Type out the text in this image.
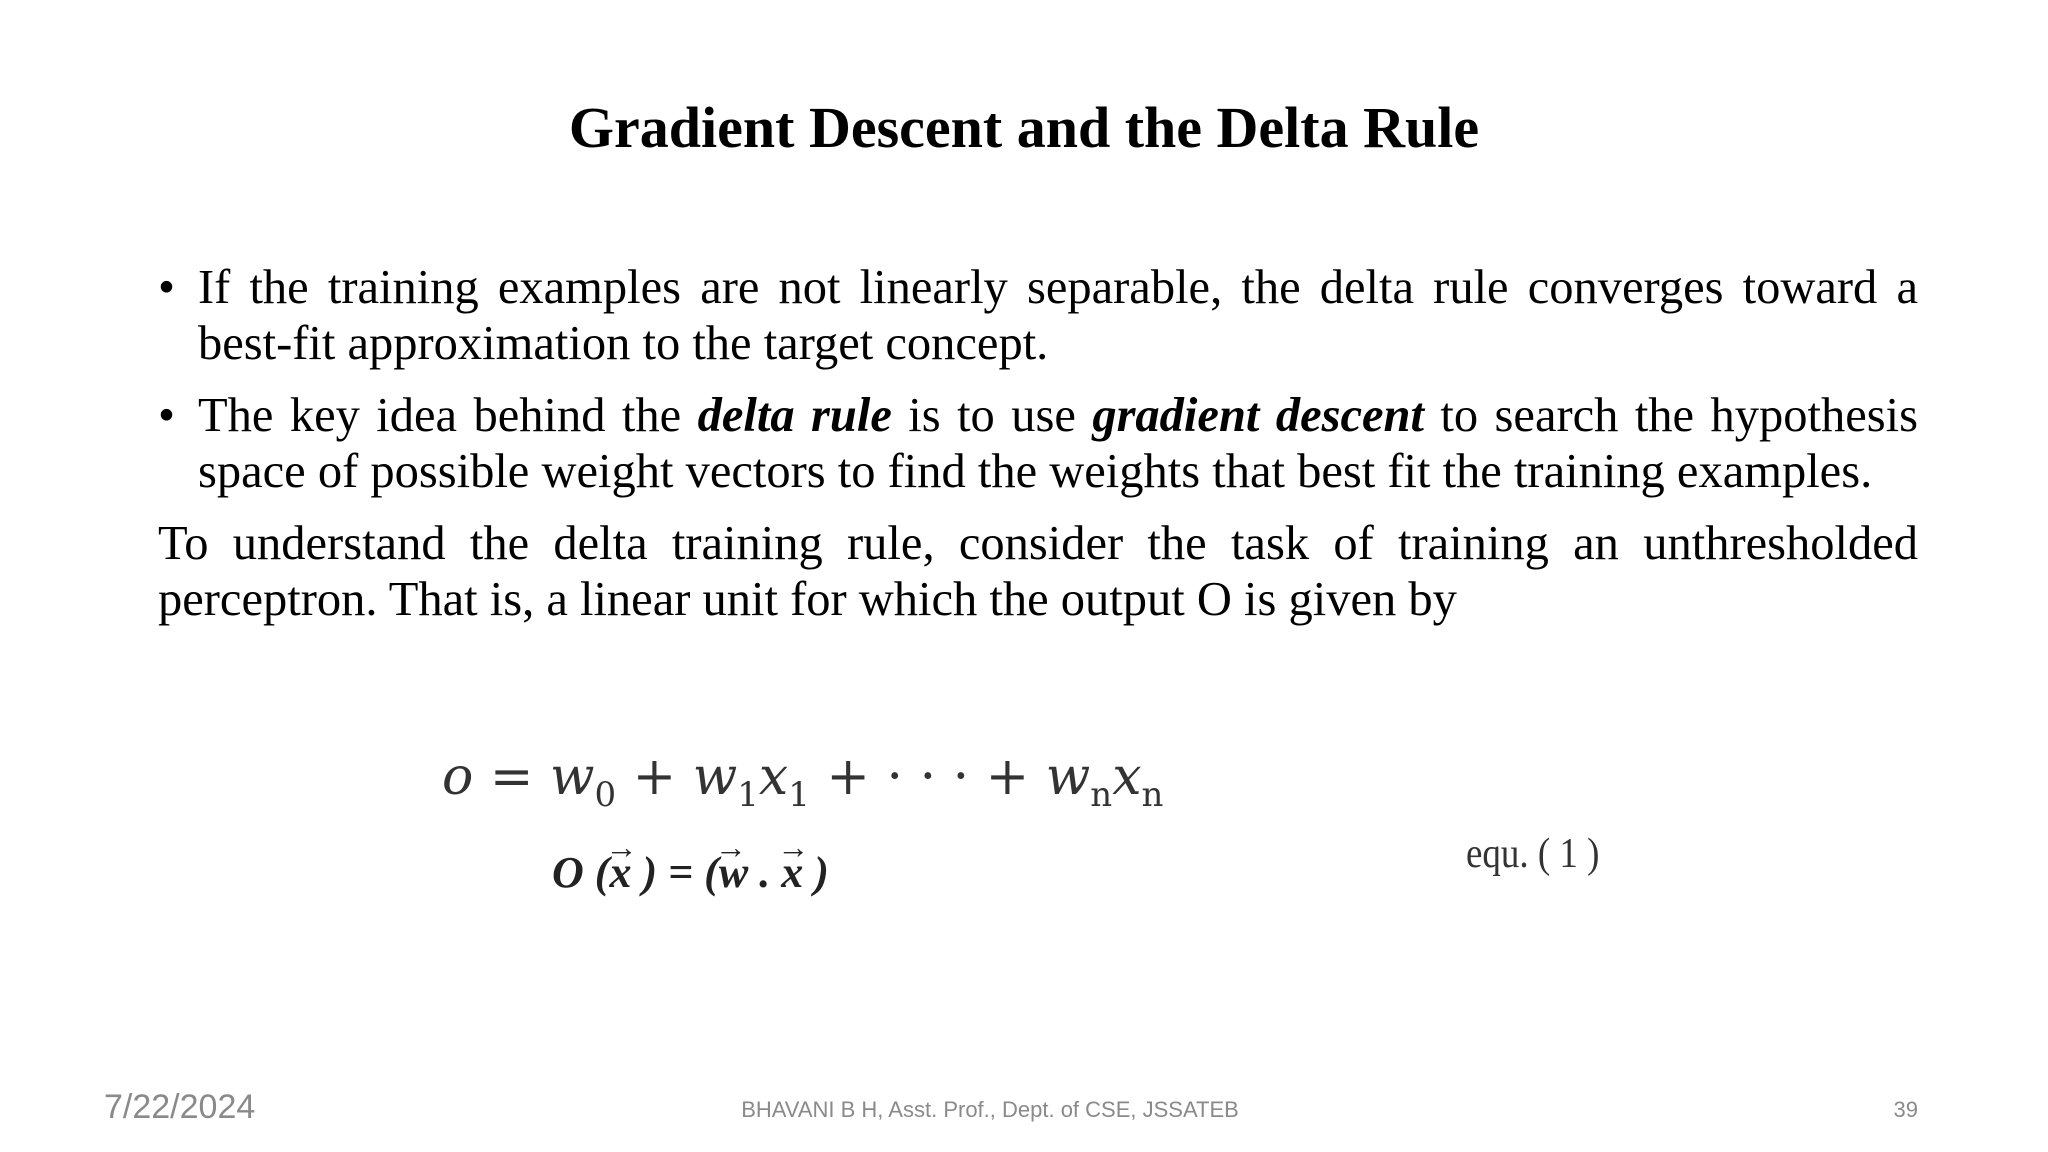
Gradient Descent and the Delta Rule
• If the training examples are not linearly separable, the delta rule converges toward a best-fit approximation to the target concept.
• The key idea behind the delta rule is to use gradient descent to search the hypothesis space of possible weight vectors to find the weights that best fit the training examples.
To understand the delta training rule, consider the task of training an unthresholded perceptron. That is, a linear unit for which the output O is given by
$o = w_0 + w_1x_1$ + · · · + $w_nx_n$
O (→ x ) = (→ w . → x )	equ. ( 1 )
7/22/2024	BHAVANI B H, Asst. Prof., Dept. of CSE, JSSATEB	39
